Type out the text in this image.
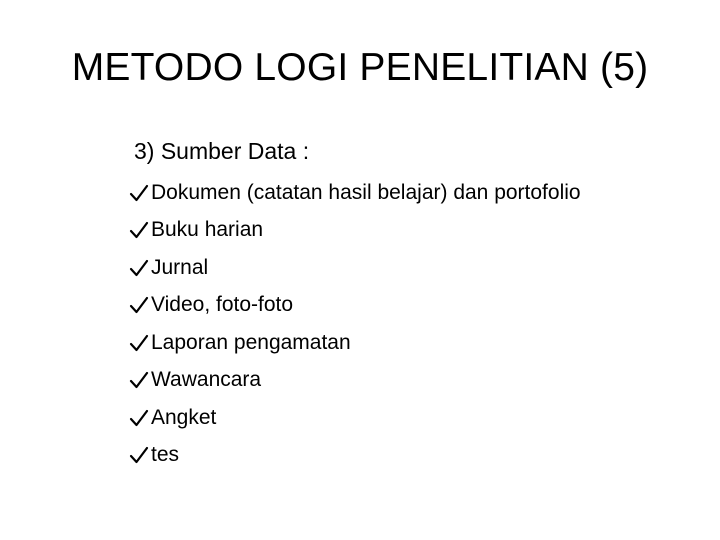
METODO LOGI PENELITIAN (5)
3) Sumber Data :
Dokumen (catatan hasil belajar) dan portofolio
Buku harian
Jurnal
Video, foto-foto
Laporan pengamatan
Wawancara
Angket
tes
